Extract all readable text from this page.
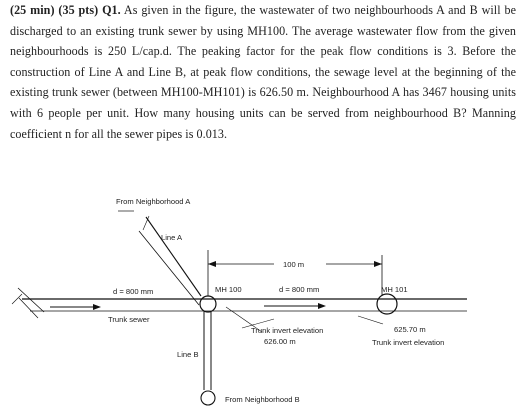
(25 min) (35 pts) Q1. As given in the figure, the wastewater of two neighbourhoods A and B will be discharged to an existing trunk sewer by using MH100. The average wastewater flow from the given neighbourhoods is 250 L/cap.d. The peaking factor for the peak flow conditions is 3. Before the construction of Line A and Line B, at peak flow conditions, the sewage level at the beginning of the existing trunk sewer (between MH100-MH101) is 626.50 m. Neighbourhood A has 3467 housing units with 6 people per unit. How many housing units can be served from neighbourhood B? Manning coefficient n for all the sewer pipes is 0.013.

From Neighborhood A
Line A
100 m
d = 800 mm	MH 100	d = 800 mm	MH 101
Trunk sewer
Trunk invert elevation
626.00 m
625.70 m
Trunk invert elevation
Line B
From Neighborhood B
